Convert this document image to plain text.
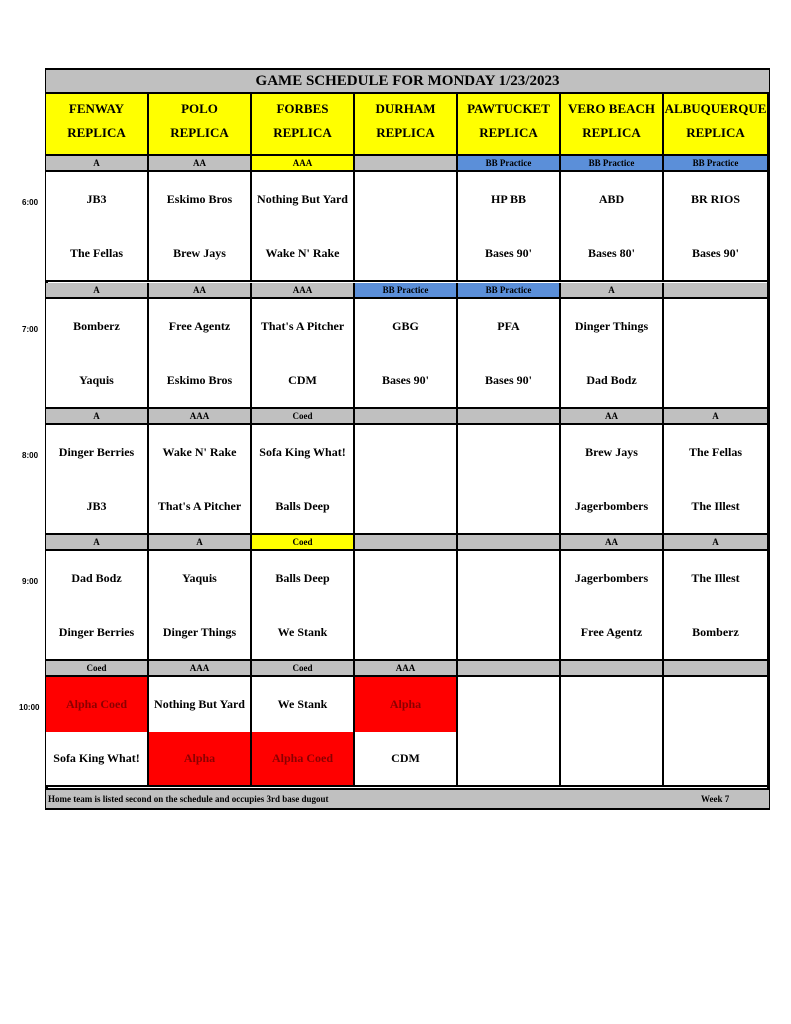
GAME SCHEDULE FOR MONDAY 1/23/2023
FENWAY
REPLICA
POLO
REPLICA
FORBES
REPLICA
DURHAM
REPLICA
PAWTUCKET
REPLICA
VERO BEACH
REPLICA
ALBUQUERQUE
REPLICA
6:00
A
JB3
The Fellas
AA
Eskimo Bros
Brew Jays
AAA
Nothing But Yard
Wake N' Rake
BB Practice
HP BB
Bases 90'
BB Practice
ABD
Bases 80'
BB Practice
BR RIOS
Bases 90'
7:00
A
Bomberz
Yaquis
AA
Free Agentz
Eskimo Bros
AAA
That's A Pitcher
CDM
BB Practice
GBG
Bases 90'
BB Practice
PFA
Bases 90'
A
Dinger Things
Dad Bodz
8:00
A
Dinger Berries
JB3
AAA
Wake N' Rake
That's A Pitcher
Coed
Sofa King What!
Balls Deep
AA
Brew Jays
Jagerbombers
A
The Fellas
The Illest
9:00
A
Dad Bodz
Dinger Berries
A
Yaquis
Dinger Things
Coed
Balls Deep
We Stank
AA
Jagerbombers
Free Agentz
A
The Illest
Bomberz
10:00
Coed
Alpha Coed
Sofa King What!
AAA
Nothing But Yard
Alpha
Coed
We Stank
Alpha Coed
AAA
Alpha
CDM
Home team is listed second on the schedule and occupies 3rd base dugout	Week 7
